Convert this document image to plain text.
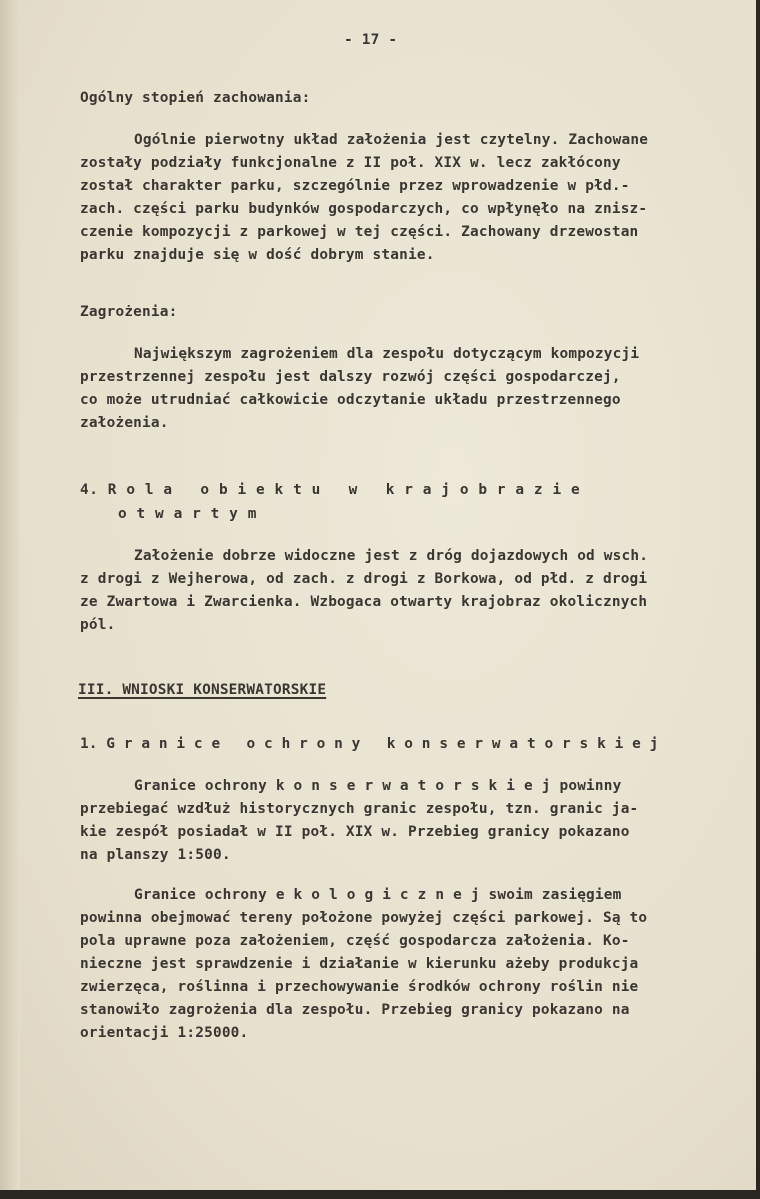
- 17 -
Ogólny stopień zachowania:
Ogólnie pierwotny układ założenia jest czytelny. Zachowane
zostały podziały funkcjonalne z II poł. XIX w. lecz zakłócony
został charakter parku, szczególnie przez wprowadzenie w płd.-
zach. części parku budynków gospodarczych, co wpłynęło na znisz-
czenie kompozycji z parkowej w tej części. Zachowany drzewostan
parku znajduje się w dość dobrym stanie.
Zagrożenia:
Największym zagrożeniem dla zespołu dotyczącym kompozycji
przestrzennej zespołu jest dalszy rozwój części gospodarczej,
co może utrudniać całkowicie odczytanie układu przestrzennego
założenia.
4. R o l a   o b i e k t u   w   k r a j o b r a z i e
o t w a r t y m
Założenie dobrze widoczne jest z dróg dojazdowych od wsch.
z drogi z Wejherowa, od zach. z drogi z Borkowa, od płd. z drogi
ze Zwartowa i Zwarcienka. Wzbogaca otwarty krajobraz okolicznych
pól.
III. WNIOSKI KONSERWATORSKIE
1. G r a n i c e   o c h r o n y   k o n s e r w a t o r s k i e j
Granice ochrony k o n s e r w a t o r s k i e j powinny
przebiegać wzdłuż historycznych granic zespołu, tzn. granic ja-
kie zespół posiadał w II poł. XIX w. Przebieg granicy pokazano
na planszy 1:500.
Granice ochrony e k o l o g i c z n e j swoim zasięgiem
powinna obejmować tereny położone powyżej części parkowej. Są to
pola uprawne poza założeniem, część gospodarcza założenia. Ko-
nieczne jest sprawdzenie i działanie w kierunku ażeby produkcja
zwierzęca, roślinna i przechowywanie środków ochrony roślin nie
stanowiło zagrożenia dla zespołu. Przebieg granicy pokazano na
orientacji 1:25000.
